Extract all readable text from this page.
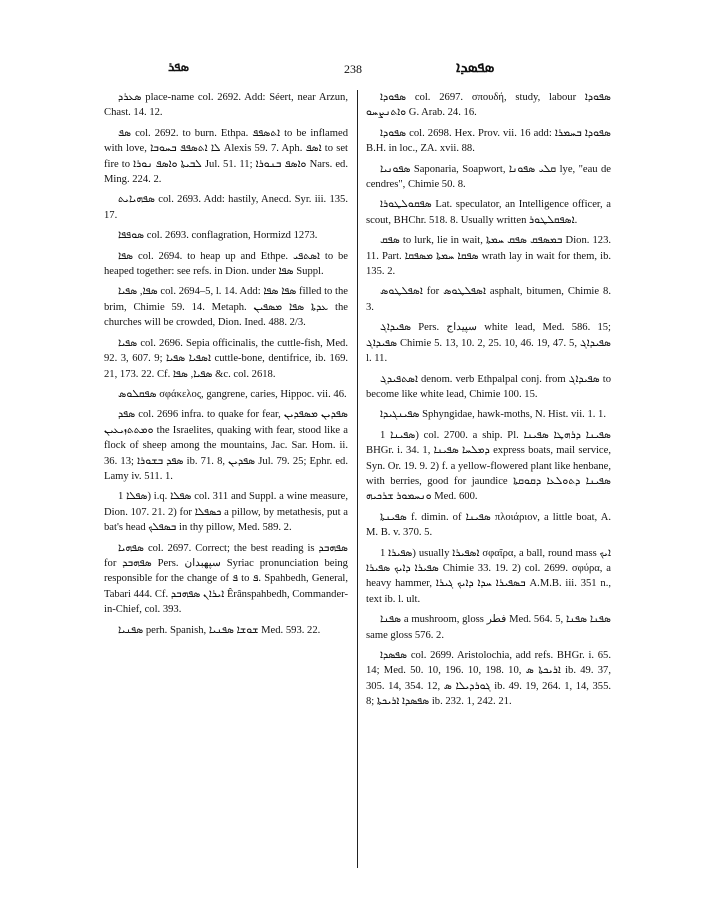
ܣܦܪ	238	ܣܦܣܕܐ

ܣܥܪܕ place-name col. 2692. Add: Séert, near Arzun, Chast. 14. 12.

ܣܦ col. 2692. to burn. Ethpa. ܐܬܣܦܦ to be inflamed with love, ܠܐ ܐܬܣܦܦ ܒܚܘܒܐ Alexis 59. 7. Aph. ܐܣܦ to set fire to ܠܒܝܬܐ ܘܐܣܦ ܢܘܪܐ Jul. 51. 11; ܘܐܣܦ ܒܢܘܪܐ Nars. ed. Ming. 224. 2.

ܣܦܗܝܐܝܬ col. 2693. Add: hastily, Anecd. Syr. iii. 135. 17.

ܣܘܦܦܐ col. 2693. conflagration, Hormizd 1273.

ܣܦܐ col. 2694. to heap up and Ethpe. ܐܣܬܦܝ to be heaped together: see refs. in Dion. under ܣܦܐ Suppl.

ܣܦܐ, ܣܦܝܐ col. 2694–5, l. 14. Add: ܣܦܐ ܣܦܐ filled to the brim, Chimie 59. 14. Metaph. ܥܕܬܐ ܣܦܐ ܡܣܦܝܢ the churches will be crowded, Dion. Ined. 488. 2/3.

ܣܦܝܐ col. 2696. Sepia officinalis, the cuttle-fish, Med. 92. 3, 607. 9; ܐܣܦܝܐ ܣܦܝܐ cuttle-bone, dentifrice, ib. 169. 21, 173. 22. Cf. ܣܦܝܐ, ܣܦܐ &c. col. 2618.

ܣܦܩܠܘܣ σφάκελος, gangrene, caries, Hippoc. vii. 46.

ܣܦܕ col. 2696 infra. to quake for fear, ܣܦܕܝܢ ܡܣܦܕܝܢ ܘܡܬܬܙܝܥܝܢ the Israelites, quaking with fear, stood like a flock of sheep among the mountains, Jac. Sar. Hom. ii. 36. 13; ܣܦܕ ܒܫܘܪܐ ib. 71. 8, ܣܦܕܝܢ Jul. 79. 25; Ephr. ed. Lamy iv. 511. 1.

ܣܦܠܐ 1) i.q. ܣܦܠܐ col. 311 and Suppl. a wine measure, Dion. 107. 21. 2) for ܟܣܦܠܐ a pillow, by metathesis, put a bat's head ܒܣܦܠܟ in thy pillow, Med. 589. 2.

ܣܦܗܝܐ col. 2697. Correct; the best reading is ܣܦܗܒܕ for ܣܦܗܒܕ Pers. سپهبدان Syriac pronunciation being responsible for the change of ܦ to ܦ. Spahbedh, General, Tabari 444. Cf. ܐܝܪܐܢ ܣܦܗܒܕ Êrânspahbedh, Commander-in-Chief, col. 393.

ܣܦܢܝܐ perh. Spanish, ܫܘܫܐ ܣܦܢܝܐ Med. 593. 22.

ܣܦܘܕܐ col. 2697. σπουδή, study, labour ܣܦܘܕܐ ܘܐܬܢܨܚܘ G. Arab. 24. 16.

ܣܦܘܕܐ col. 2698. Hex. Prov. vii. 16 add: ܣܦܘܕܐ ܒܚܡܪܐ B.H. in loc., ZA. xvii. 88.

ܣܦܘܢܝܐ Saponaria, Soapwort, ܩܠܝ ܣܦܘܢܐ lye, "eau de cendres", Chimie 50. 8.

ܣܦܩܘܠܛܘܪܐ Lat. speculator, an Intelligence officer, a scout, BHChr. 518. 8. Usually written ܐܣܦܩܠܛܘܪ.

ܣܦܩ to lurk, lie in wait, ܒܡܣܦܩ ܣܦܩ ܚܡܬܐ Dion. 123. 11. Part. ܣܦܩܐ ܚܡܬܐ ܡܣܦܩܐ wrath lay in wait for them, ib. 135. 2.

ܐܣܦܠܛܘܣ for ܐܣܦܠܛܘܣ asphalt, bitumen, Chimie 8. 3.

ܣܦܝܕܐܓ Pers. سپيداج white lead, Med. 586. 15; ܣܦܝܕܐܓ Chimie 5. 13, 10. 2, 25. 10, 46. 19, 47. 5, ܣܦܝܕܐܓ l. 11.

ܐܣܬܦܝܕܓ denom. verb Ethpalpal conj. from ܣܦܝܕܐܓ to become like white lead, Chimie 100. 15.

ܣܦܝܢܓܝܕܐ Sphyngidae, hawk-moths, N. Hist. vii. 1. 1.

ܣܦܝܢܐ 1) col. 2700. a ship. Pl. ܣܦܝܢܐ ܕܪܗܛܐ ܣܦܝܢܐ BHGr. i. 34. 1, ܕܡܠܚܐ ܣܦܝܢܐ express boats, mail service, Syn. Or. 19. 9. 2) f. a yellow-flowered plant like henbane, with berries, good for jaundice ܣܦܝܢܐ ܕܬܘܠܥܐ ܕܩܘܩܬܐ ܘܢܚܡܘܪ ܫܪܟܝܗ Med. 600.

ܣܦܝܢܬܐ f. dimin. of ܣܦܝܢܐ πλοιάριον, a little boat, A. M. B. v. 370. 5.

ܣܦܝܪܐ 1) usually ܐܣܦܝܪܐ σφαῖρα, a ball, round mass ܐܝܟ ܣܦܝܪܐ ܕܐܝܟ ܣܦܝܪܐ Chimie 33. 19. 2) col. 2699. σφύρα, a heavy hammer, ܒܣܦܝܪܐ ܚܕܐ ܕܐܝܟ ܓܝܪܐ A.M.B. iii. 351 n., text ib. l. ult.

ܣܦܢܐ a mushroom, gloss فطر Med. 564. 5, ܣܦܢܐ ܣܦܢܐ same gloss 576. 2.

ܣܦܣܕܐ col. 2699. Aristolochia, add refs. BHGr. i. 65. 14; Med. 50. 10, 196. 10, 198. 10, ܐܪܝܟܬܐ ܣ ib. 49. 37, 305. 14, 354. 12, ܓܘܪܕܝܠܐ ܣ ib. 49. 19, 264. 1, 14, 355. 8; ܣܦܣܕܐ ܐܪܝܟܬܐ ib. 232. 1, 242. 21.
